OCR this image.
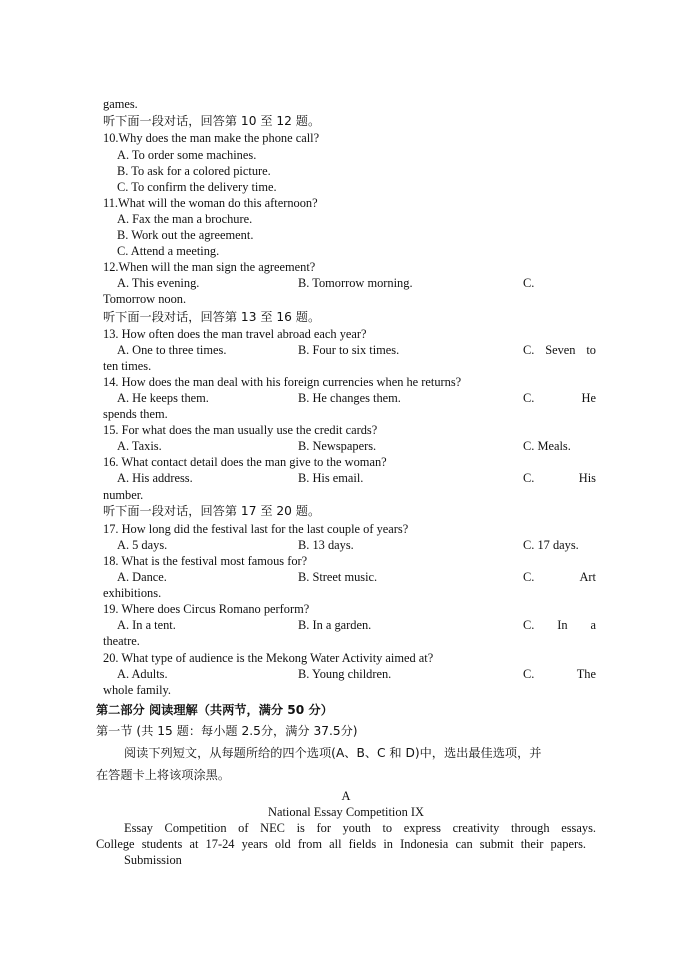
games.
听下面一段对话，回答第 10 至 12 题。
10.Why does the man make the phone call?
A. To order some machines.
B. To ask for a colored picture.
C. To confirm the delivery time.
11.What will the woman do this afternoon?
A. Fax the man a brochure.
B. Work out the agreement.
C. Attend a meeting.
12.When will the man sign the agreement?
A. This evening.	B. Tomorrow morning.	C.
Tomorrow noon.
听下面一段对话，回答第 13 至 16 题。
13. How often does the man travel abroad each year?
A. One to three times.	B. Four to six times.	C. Seven to
ten times.
14. How does the man deal with his foreign currencies when he returns?
A. He keeps them.	B. He changes them.	C.	He
spends them.
15. For what does the man usually use the credit cards?
A. Taxis.	B. Newspapers.	C. Meals.
16. What contact detail does the man give to the woman?
A. His address.	B. His email.	C.	His
number.
听下面一段对话，回答第 17 至 20 题。
17. How long did the festival last for the last couple of years?
A. 5 days.	B. 13 days.	C. 17 days.
18. What is the festival most famous for?
A. Dance.	B. Street music.	C.	Art
exhibitions.
19. Where does Circus Romano perform?
A. In a tent.	B. In a garden.	C. In a
theatre.
20. What type of audience is the Mekong Water Activity aimed at?
A. Adults.	B. Young children.	C.	The
whole family.
第二部分 阅读理解（共两节，满分 50 分）
第一节 (共 15 题：每小题 2.5分，满分 37.5分)
阅读下列短文，从每题所给的四个选项(A、B、C 和 D)中，选出最佳选项，并
在答题卡上将该项涂黑。
A
National Essay Competition IX
Essay Competition of NEC is for youth to express creativity through essays.
College students at 17-24 years old from all fields in Indonesia can submit their papers.
Submission
